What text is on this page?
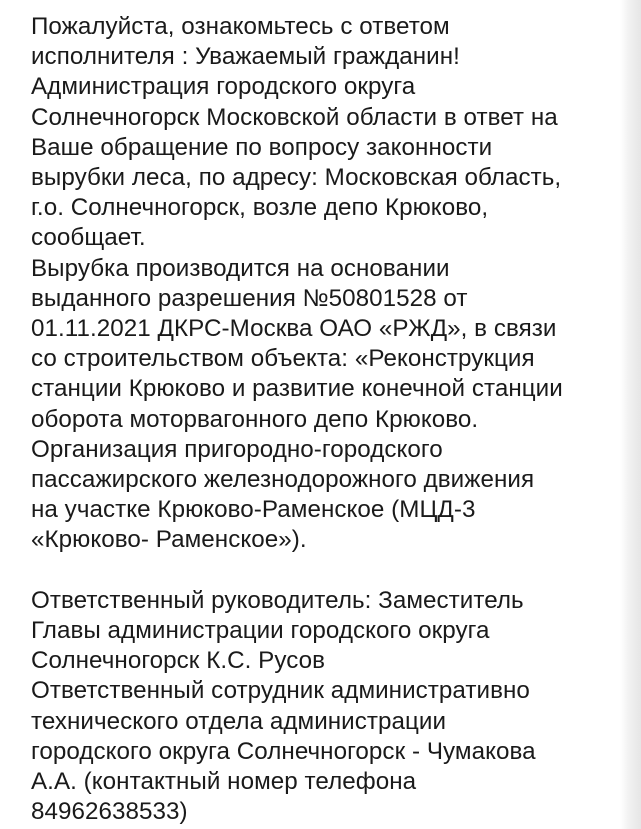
Пожалуйста, ознакомьтесь с ответом
исполнителя : Уважаемый гражданин!
Администрация городского округа
Солнечногорск Московской области в ответ на
Ваше обращение по вопросу законности
вырубки леса, по адресу: Московская область,
г.о. Солнечногорск, возле депо Крюково,
сообщает.
Вырубка производится на основании
выданного разрешения №50801528 от
01.11.2021 ДКРС-Москва ОАО «РЖД», в связи
со строительством объекта: «Реконструкция
станции Крюково и развитие конечной станции
оборота моторвагонного депо Крюково.
Организация пригородно-городского
пассажирского железнодорожного движения
на участке Крюково-Раменское (МЦД-3
«Крюково- Раменское»).
Ответственный руководитель: Заместитель
Главы администрации городского округа
Солнечногорск К.С. Русов
Ответственный сотрудник административно
технического отдела администрации
городского округа Солнечногорск - Чумакова
А.А. (контактный номер телефона
84962638533)
